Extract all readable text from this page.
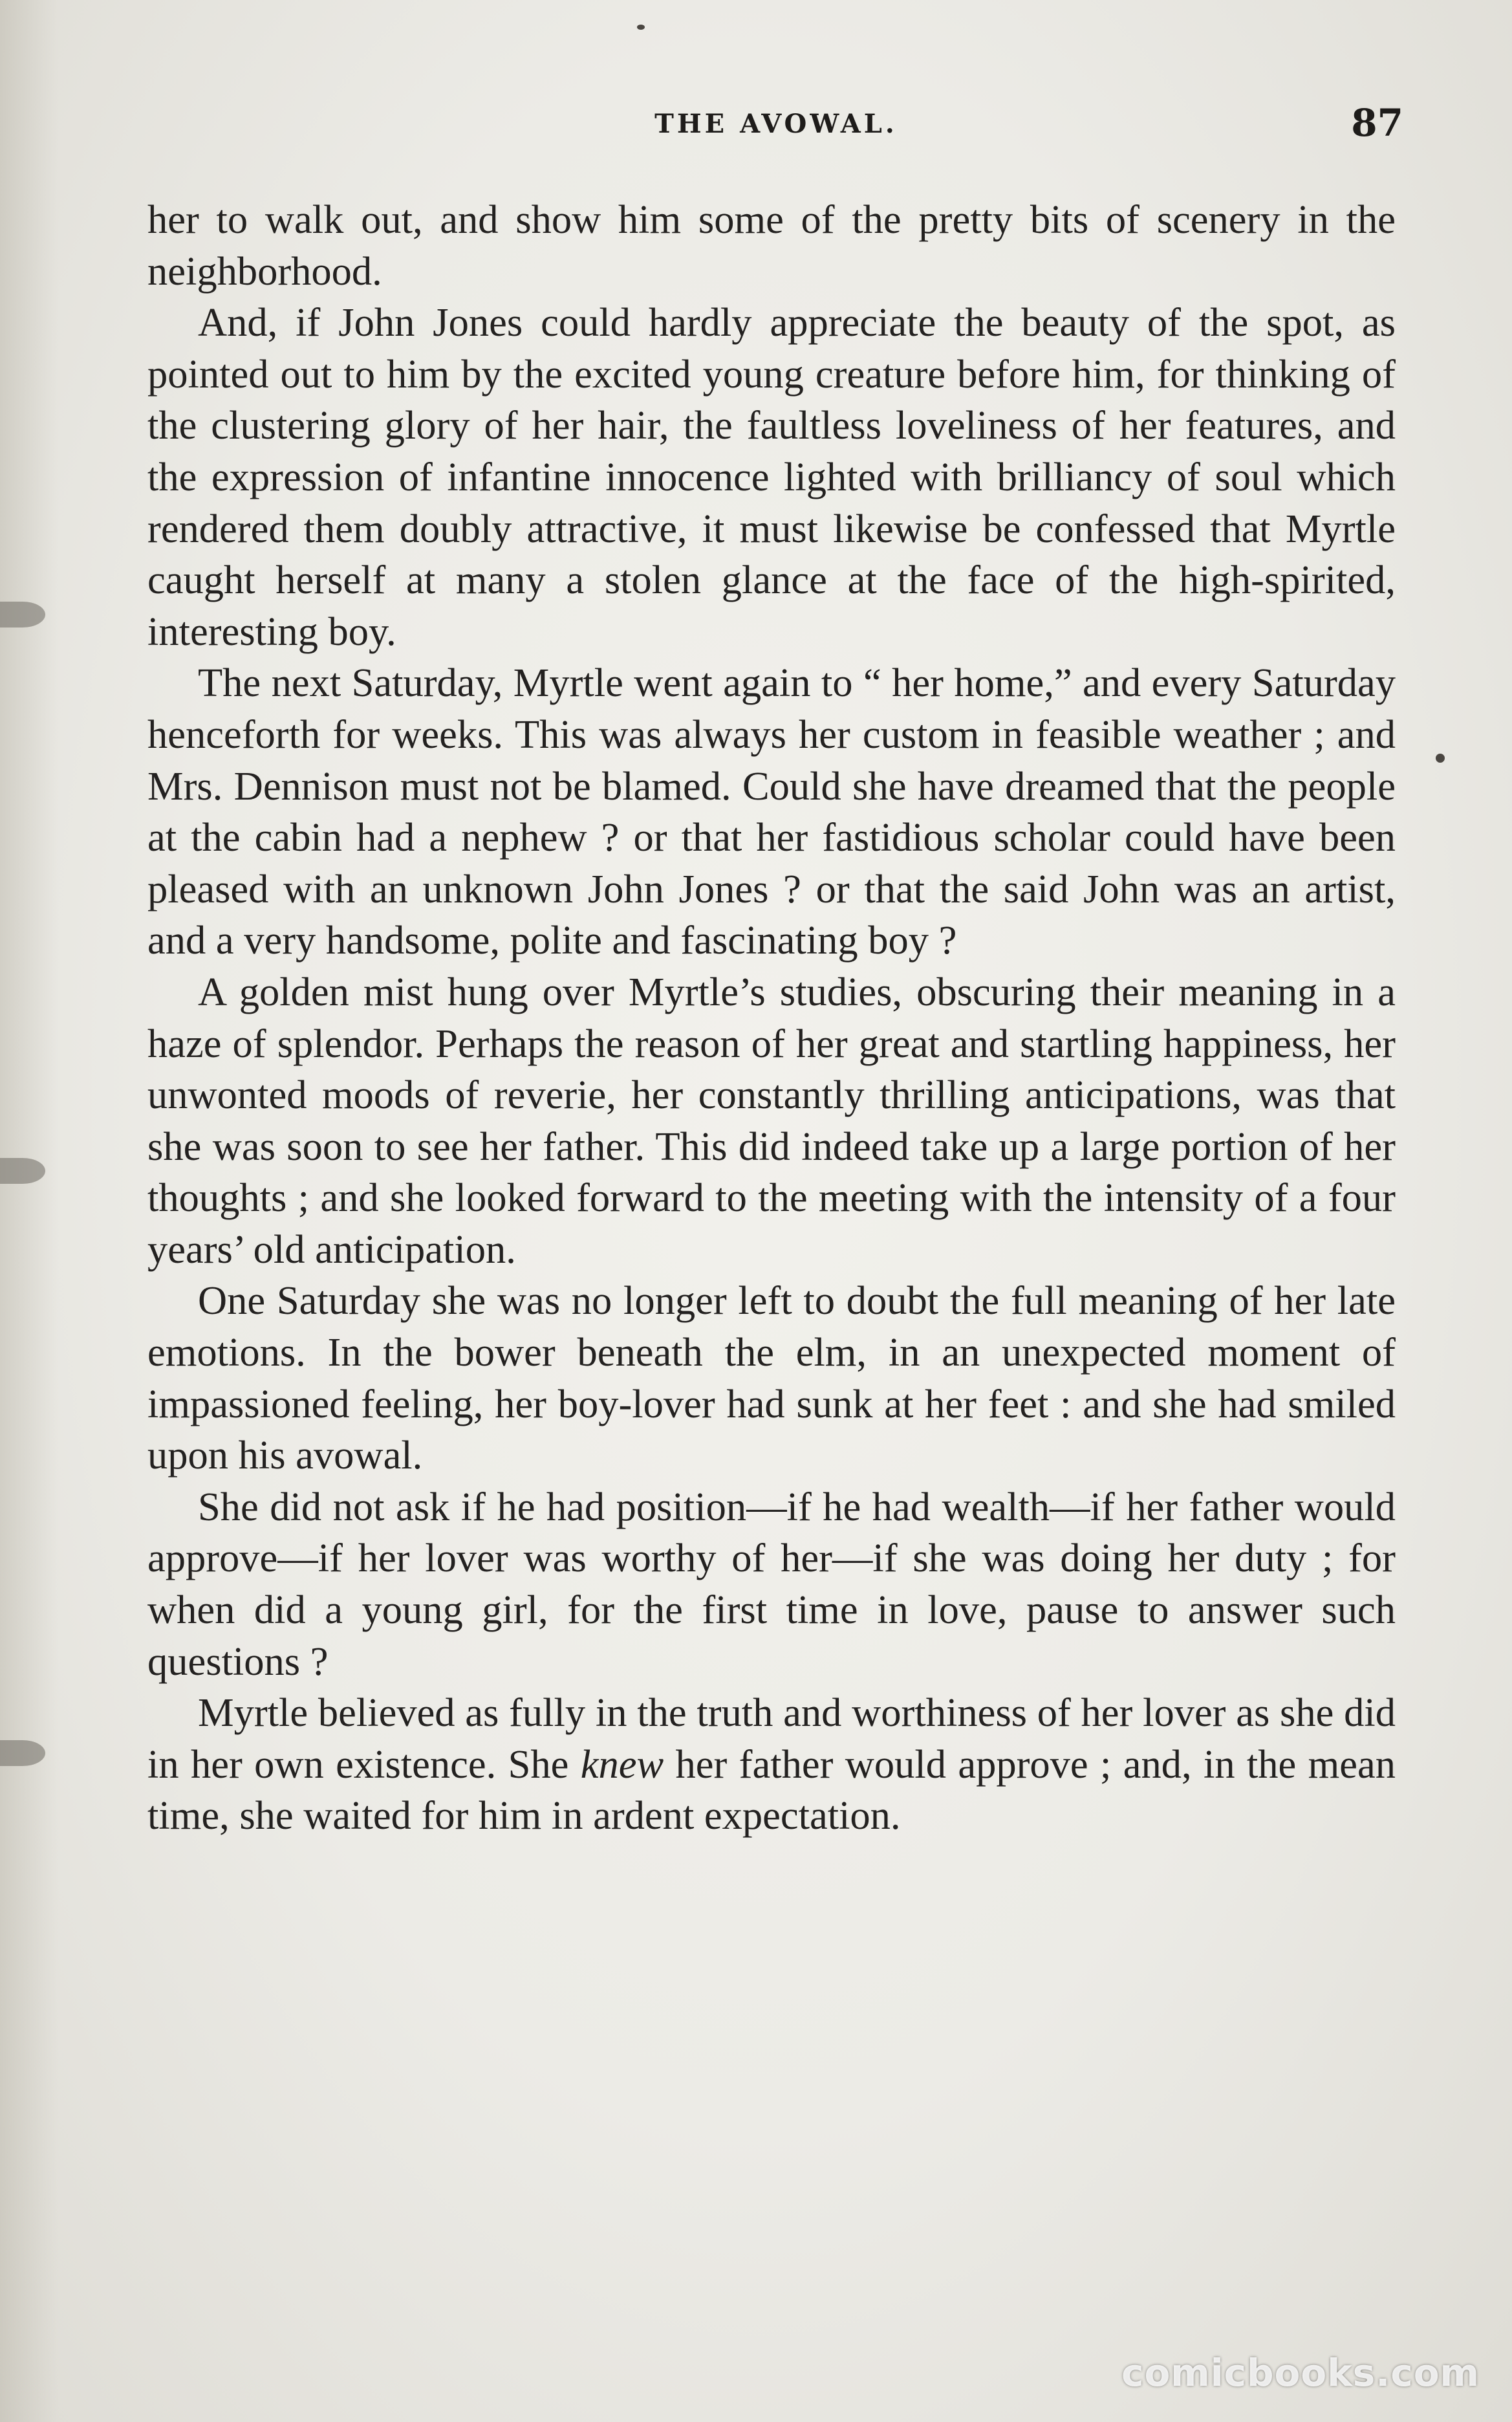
THE AVOWAL.	87

her to walk out, and show him some of the pretty bits of scenery in the neighborhood.

And, if John Jones could hardly appreciate the beauty of the spot, as pointed out to him by the excited young creature before him, for thinking of the clustering glory of her hair, the faultless loveliness of her features, and the expression of infantine innocence lighted with brilliancy of soul which rendered them doubly attractive, it must likewise be confessed that Myrtle caught herself at many a stolen glance at the face of the high-spirited, interesting boy.

The next Saturday, Myrtle went again to “ her home,” and every Saturday henceforth for weeks. This was always her custom in feasible weather ; and Mrs. Dennison must not be blamed. Could she have dreamed that the people at the cabin had a nephew ? or that her fastidious scholar could have been pleased with an unknown John Jones ? or that the said John was an artist, and a very handsome, polite and fascinating boy ?

A golden mist hung over Myrtle’s studies, obscuring their meaning in a haze of splendor. Perhaps the reason of her great and startling happiness, her unwonted moods of reverie, her constantly thrilling anticipations, was that she was soon to see her father. This did indeed take up a large portion of her thoughts ; and she looked forward to the meeting with the intensity of a four years’ old anticipation.

One Saturday she was no longer left to doubt the full meaning of her late emotions. In the bower beneath the elm, in an unexpected moment of impassioned feeling, her boy-lover had sunk at her feet : and she had smiled upon his avowal.

She did not ask if he had position—if he had wealth—if her father would approve—if her lover was worthy of her—if she was doing her duty ; for when did a young girl, for the first time in love, pause to answer such questions ?

Myrtle believed as fully in the truth and worthiness of her lover as she did in her own existence. She knew her father would approve ; and, in the mean time, she waited for him in ardent expectation.

comicbooks.com
